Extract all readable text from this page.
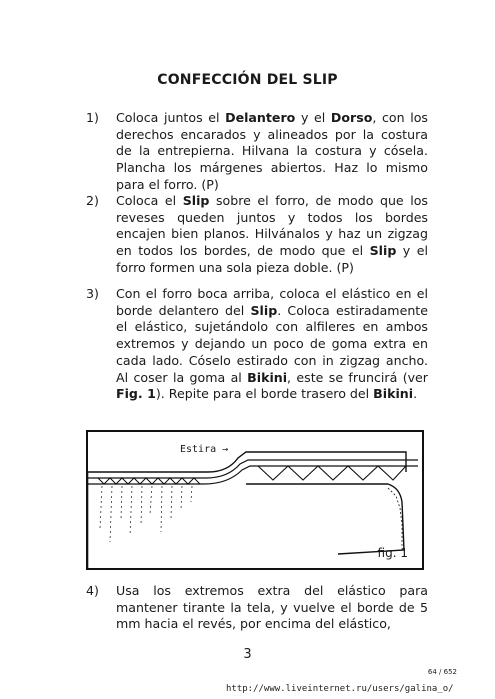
CONFECCIÓN DEL SLIP
1) Coloca juntos el Delantero y el Dorso, con los derechos encarados y alineados por la costura de la entrepierna. Hilvana la costura y cósela. Plancha los márgenes abiertos. Haz lo mismo para el forro. (P)
2) Coloca el Slip sobre el forro, de modo que los reveses queden juntos y todos los bordes encajen bien planos. Hilvánalos y haz un zigzag en todos los bordes, de modo que el Slip y el forro formen una sola pieza doble. (P)
3) Con el forro boca arriba, coloca el elástico en el borde delantero del Slip. Coloca estiradamente el elástico, sujetándolo con alfileres en ambos extremos y dejando un poco de goma extra en cada lado. Cóselo estirado con in zigzag ancho. Al coser la goma al Bikini, este se fruncirá (ver Fig. 1). Repite para el borde trasero del Bikini.
Estira →
fig. 1
4) Usa los extremos extra del elástico para mantener tirante la tela, y vuelve el borde de 5 mm hacia el revés, por encima del elástico,
3
64 / 652
http://www.liveinternet.ru/users/galina_o/
